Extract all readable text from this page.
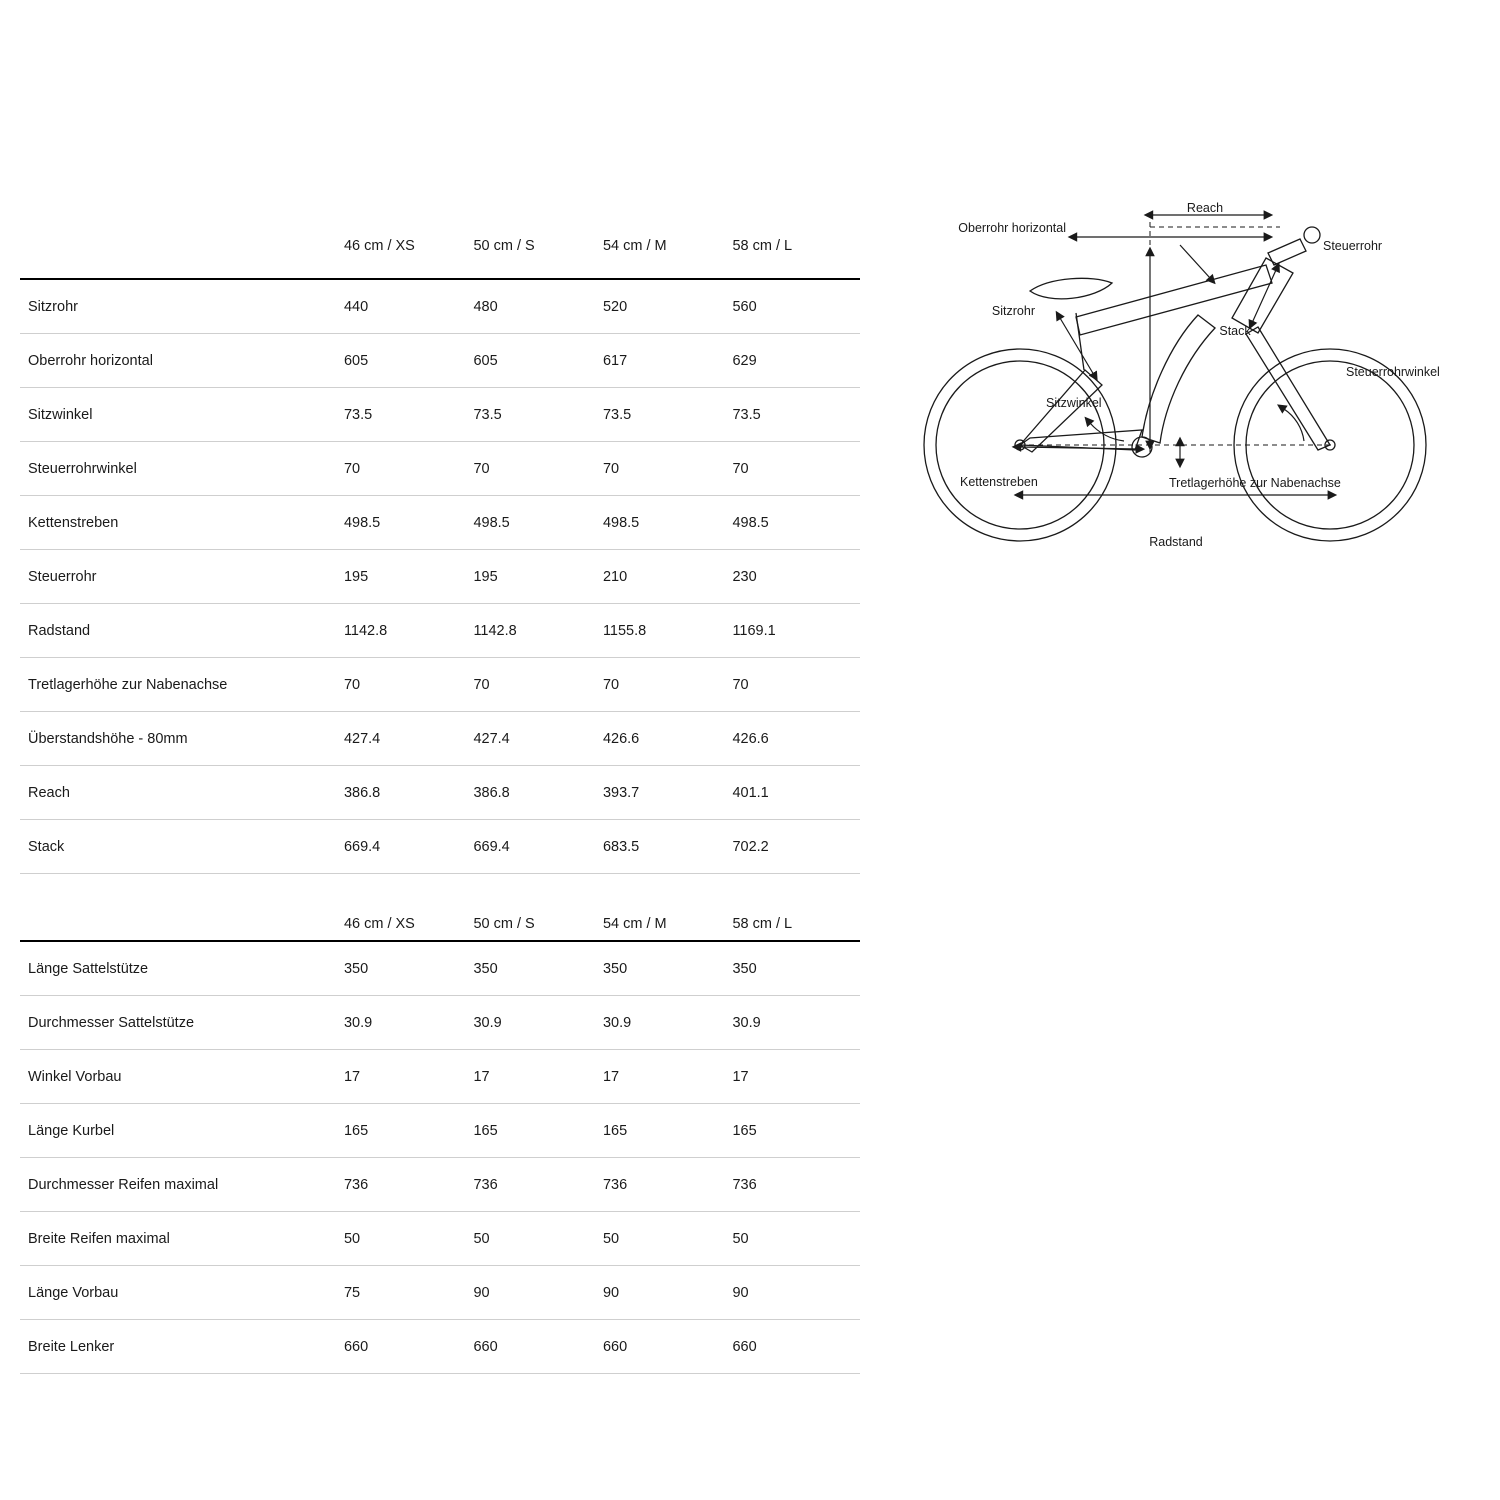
	46 cm / XS	50 cm / S	54 cm / M	58 cm / L
Sitzrohr	440	480	520	560
Oberrohr horizontal	605	605	617	629
Sitzwinkel	73.5	73.5	73.5	73.5
Steuerrohrwinkel	70	70	70	70
Kettenstreben	498.5	498.5	498.5	498.5
Steuerrohr	195	195	210	230
Radstand	1142.8	1142.8	1155.8	1169.1
Tretlagerhöhe zur Nabenachse	70	70	70	70
Überstandshöhe - 80mm	427.4	427.4	426.6	426.6
Reach	386.8	386.8	393.7	401.1
Stack	669.4	669.4	683.5	702.2
	46 cm / XS	50 cm / S	54 cm / M	58 cm / L
Länge Sattelstütze	350	350	350	350
Durchmesser Sattelstütze	30.9	30.9	30.9	30.9
Winkel Vorbau	17	17	17	17
Länge Kurbel	165	165	165	165
Durchmesser Reifen maximal	736	736	736	736
Breite Reifen maximal	50	50	50	50
Länge Vorbau	75	90	90	90
Breite Lenker	660	660	660	660
Reach
Oberrohr horizontal
Steuerrohr
Sitzrohr
Stack
Steuerrohrwinkel
Sitzwinkel
Kettenstreben	Tretlagerhöhe zur Nabenachse
Radstand
